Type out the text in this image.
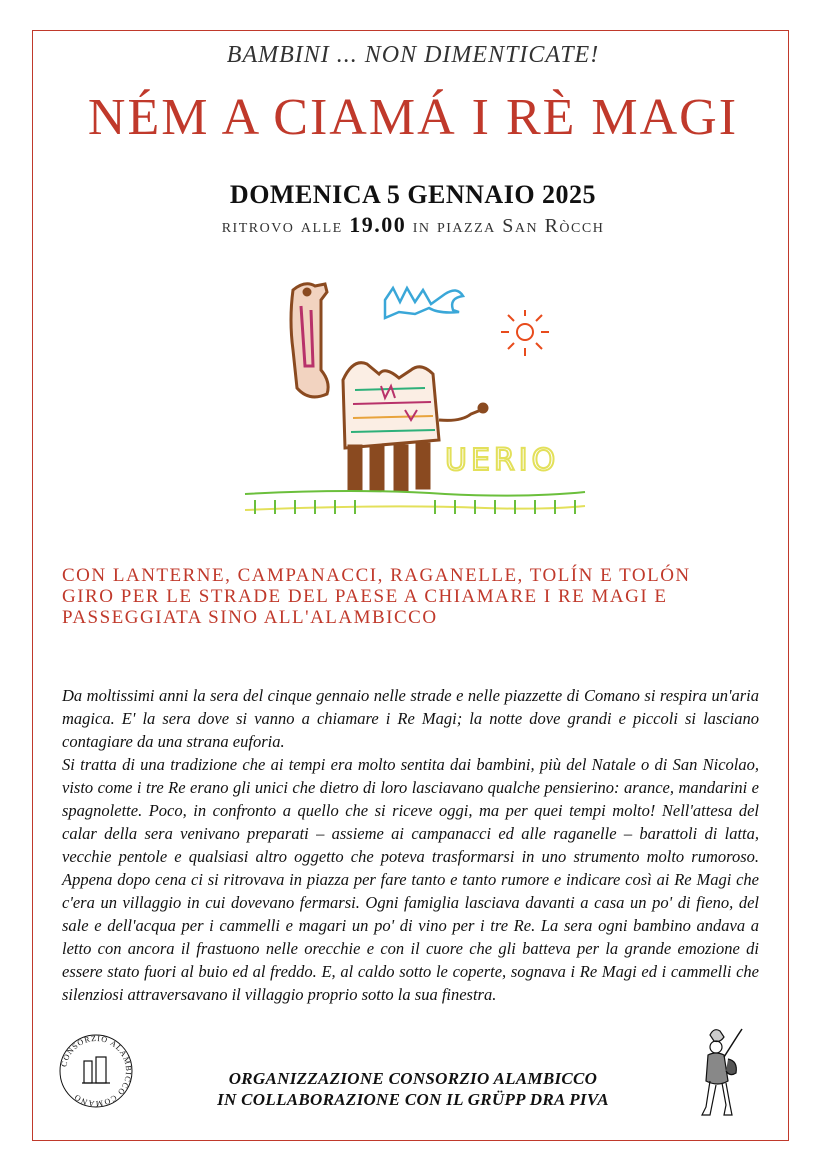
BAMBINI ... NON DIMENTICATE!
NÉM A CIAMÁ I RÈ MAGI
DOMENICA 5 GENNAIO 2025
ritrovo alle 19.00 in piazza San Ròcch
UERIO
CON LANTERNE, CAMPANACCI, RAGANELLE, TOLÍN E TOLÓN
GIRO PER LE STRADE DEL PAESE A CHIAMARE I RE MAGI E
PASSEGGIATA SINO ALL'ALAMBICCO

Da moltissimi anni la sera del cinque gennaio nelle strade e nelle piazzette di Comano si respira un'aria magica. E' la sera dove si vanno a chiamare i Re Magi; la notte dove grandi e piccoli si lasciano contagiare da una strana euforia.

Si tratta di una tradizione che ai tempi era molto sentita dai bambini, più del Natale o di San Nicolao, visto come i tre Re erano gli unici che dietro di loro lasciavano qualche pensierino: arance, mandarini e spagnolette. Poco, in confronto a quello che si riceve oggi, ma per quei tempi molto! Nell'attesa del calar della sera venivano preparati – assieme ai campanacci ed alle raganelle – barattoli di latta, vecchie pentole e qualsiasi altro oggetto che poteva trasformarsi in uno strumento molto rumoroso. Appena dopo cena ci si ritrovava in piazza per fare tanto e tanto rumore e indicare così ai Re Magi che c'era un villaggio in cui dovevano fermarsi. Ogni famiglia lasciava davanti a casa un po' di fieno, del sale e dell'acqua per i cammelli e magari un po' di vino per i tre Re. La sera ogni bambino andava a letto con ancora il frastuono nelle orecchie e con il cuore che gli batteva per la grande emozione di essere stato fuori al buio ed al freddo. E, al caldo sotto le coperte, sognava i Re Magi ed i cammelli che silenziosi attraversavano il villaggio proprio sotto la sua finestra.

CONSORZIO ALAMBICCO COMANO
ORGANIZZAZIONE CONSORZIO ALAMBICCO
IN COLLABORAZIONE CON IL GRÜPP DRA PIVA
